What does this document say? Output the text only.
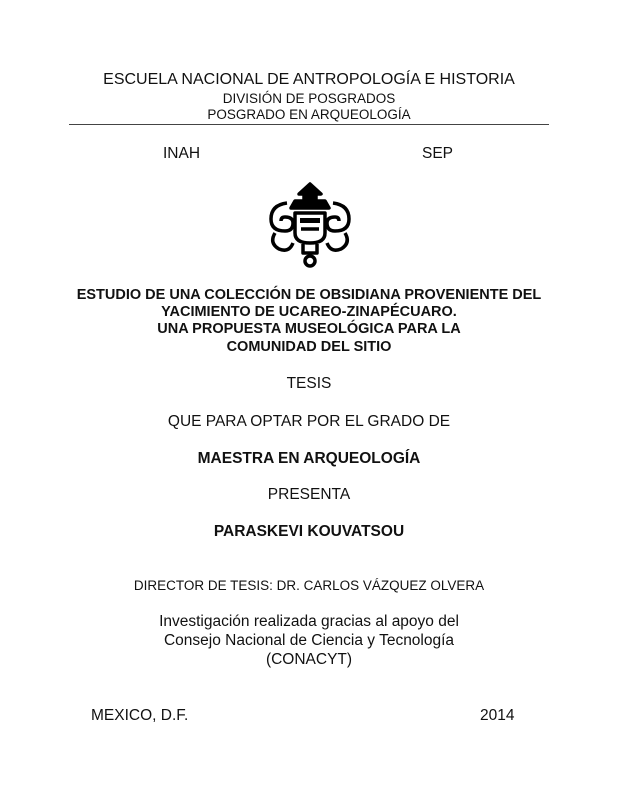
ESCUELA NACIONAL DE ANTROPOLOGÍA E HISTORIA
DIVISIÓN DE POSGRADOS
POSGRADO EN ARQUEOLOGÍA
INAH	SEP
ESTUDIO DE UNA COLECCIÓN DE OBSIDIANA PROVENIENTE DEL
YACIMIENTO DE UCAREO-ZINAPÉCUARO.
UNA PROPUESTA MUSEOLÓGICA PARA LA
COMUNIDAD DEL SITIO
TESIS
QUE PARA OPTAR POR EL GRADO DE
MAESTRA EN ARQUEOLOGÍA
PRESENTA
PARASKEVI KOUVATSOU
DIRECTOR DE TESIS: DR. CARLOS VÁZQUEZ OLVERA
Investigación realizada gracias al apoyo del
Consejo Nacional de Ciencia y Tecnología
(CONACYT)
MEXICO, D.F.	2014
